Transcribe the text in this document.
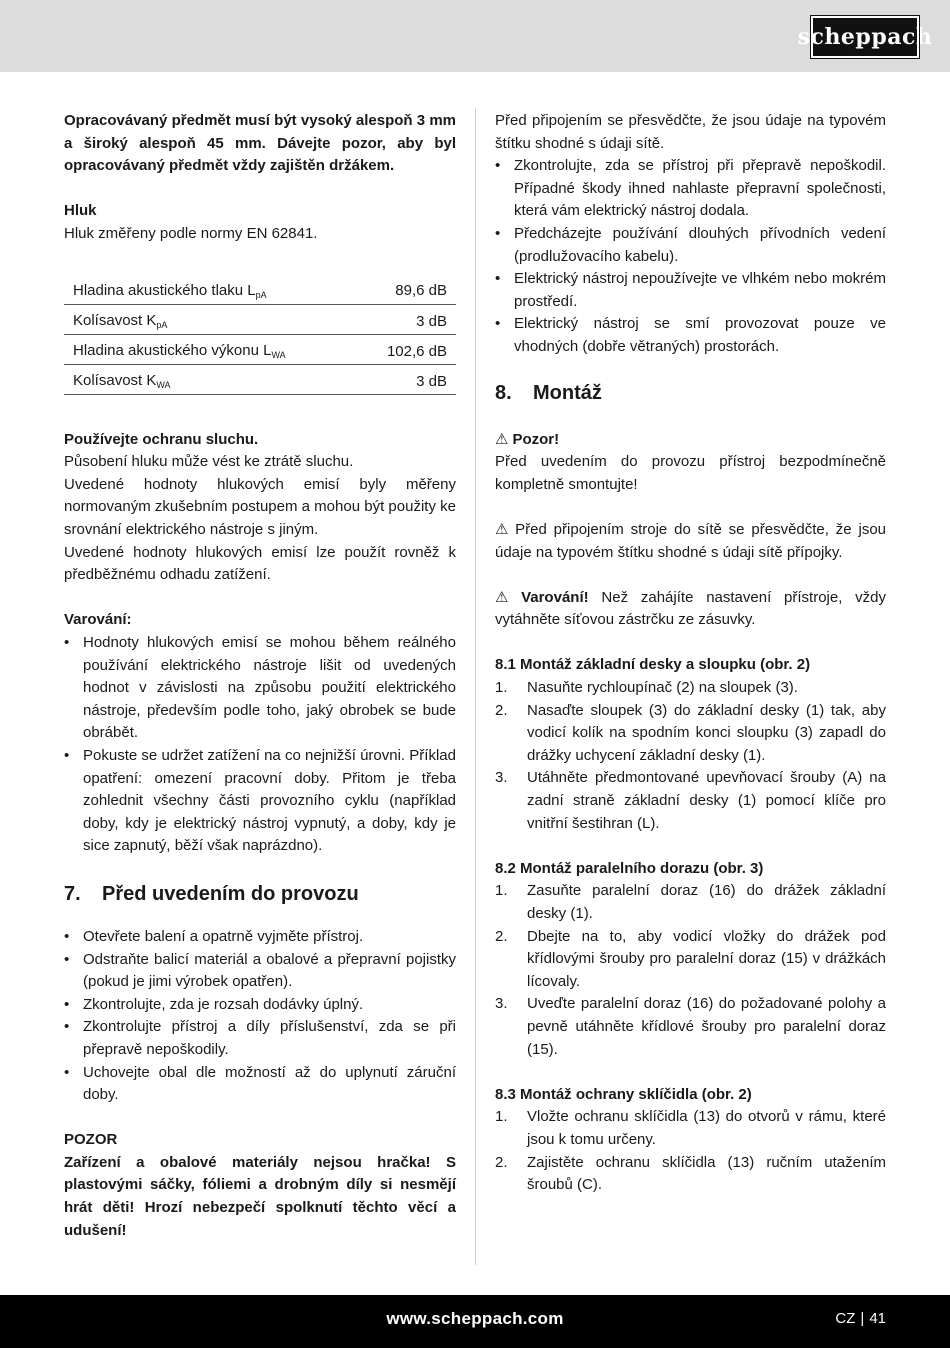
scheppach

Opracovávaný předmět musí být vysoký alespoň 3 mm a široký alespoň 45 mm. Dávejte pozor, aby byl opracovávaný předmět vždy zajištěn držákem.

Hluk

Hluk změřeny podle normy EN 62841.

Hladina akustického tlaku $L_{pA}$	89,6 dB
Kolísavost $K_{pA}$	3 dB
Hladina akustického výkonu $L_{WA}$	102,6 dB
Kolísavost $K_{WA}$	3 dB

Používejte ochranu sluchu.

Působení hluku může vést ke ztrátě sluchu.

Uvedené hodnoty hlukových emisí byly měřeny normovaným zkušebním postupem a mohou být použity ke srovnání elektrického nástroje s jiným.

Uvedené hodnoty hlukových emisí lze použít rovněž k předběžnému odhadu zatížení.

Varování:

• Hodnoty hlukových emisí se mohou během reálného používání elektrického nástroje lišit od uvedených hodnot v závislosti na způsobu použití elektrického nástroje, především podle toho, jaký obrobek se bude obrábět.
• Pokuste se udržet zatížení na co nejnižší úrovni. Příklad opatření: omezení pracovní doby. Přitom je třeba zohlednit všechny části provozního cyklu (například doby, kdy je elektrický nástroj vypnutý, a doby, kdy je sice zapnutý, běží však naprázdno).
7.	Před uvedením do provozu
• Otevřete balení a opatrně vyjměte přístroj.
• Odstraňte balicí materiál a obalové a přepravní pojistky (pokud je jimi výrobek opatřen).
• Zkontrolujte, zda je rozsah dodávky úplný.
• Zkontrolujte přístroj a díly příslušenství, zda se při přepravě nepoškodily.
• Uchovejte obal dle možností až do uplynutí záruční doby.

POZOR

Zařízení a obalové materiály nejsou hračka! S plastovými sáčky, fóliemi a drobným díly si nesmějí hrát děti! Hrozí nebezpečí spolknutí těchto věcí a udušení!

Před připojením se přesvědčte, že jsou údaje na typovém štítku shodné s údaji sítě.

• Zkontrolujte, zda se přístroj při přepravě nepoškodil. Případné škody ihned nahlaste přepravní společnosti, která vám elektrický nástroj dodala.
• Předcházejte používání dlouhých přívodních vedení (prodlužovacího kabelu).
• Elektrický nástroj nepoužívejte ve vlhkém nebo mokrém prostředí.
• Elektrický nástroj se smí provozovat pouze ve vhodných (dobře větraných) prostorách.
8.	Montáž

⚠ Pozor!

Před uvedením do provozu přístroj bezpodmínečně kompletně smontujte!

⚠ Před připojením stroje do sítě se přesvědčte, že jsou údaje na typovém štítku shodné s údaji sítě přípojky.

⚠ Varování! Než zahájíte nastavení přístroje, vždy vytáhněte síťovou zástrčku ze zásuvky.

8.1 Montáž základní desky a sloupku (obr. 2)

1. Nasuňte rychloupínač (2) na sloupek (3).
2. Nasaďte sloupek (3) do základní desky (1) tak, aby vodicí kolík na spodním konci sloupku (3) zapadl do drážky uchycení základní desky (1).
3. Utáhněte předmontované upevňovací šrouby (A) na zadní straně základní desky (1) pomocí klíče pro vnitřní šestihran (L).

8.2 Montáž paralelního dorazu (obr. 3)

1. Zasuňte paralelní doraz (16) do drážek základní desky (1).
2. Dbejte na to, aby vodicí vložky do drážek pod křídlovými šrouby pro paralelní doraz (15) v drážkách lícovaly.
3. Uveďte paralelní doraz (16) do požadované polohy a pevně utáhněte křídlové šrouby pro paralelní doraz (15).

8.3 Montáž ochrany sklíčidla (obr. 2)

1. Vložte ochranu sklíčidla (13) do otvorů v rámu, které jsou k tomu určeny.
2. Zajistěte ochranu sklíčidla (13) ručním utažením šroubů (C).
www.scheppach.com	CZ | 41
